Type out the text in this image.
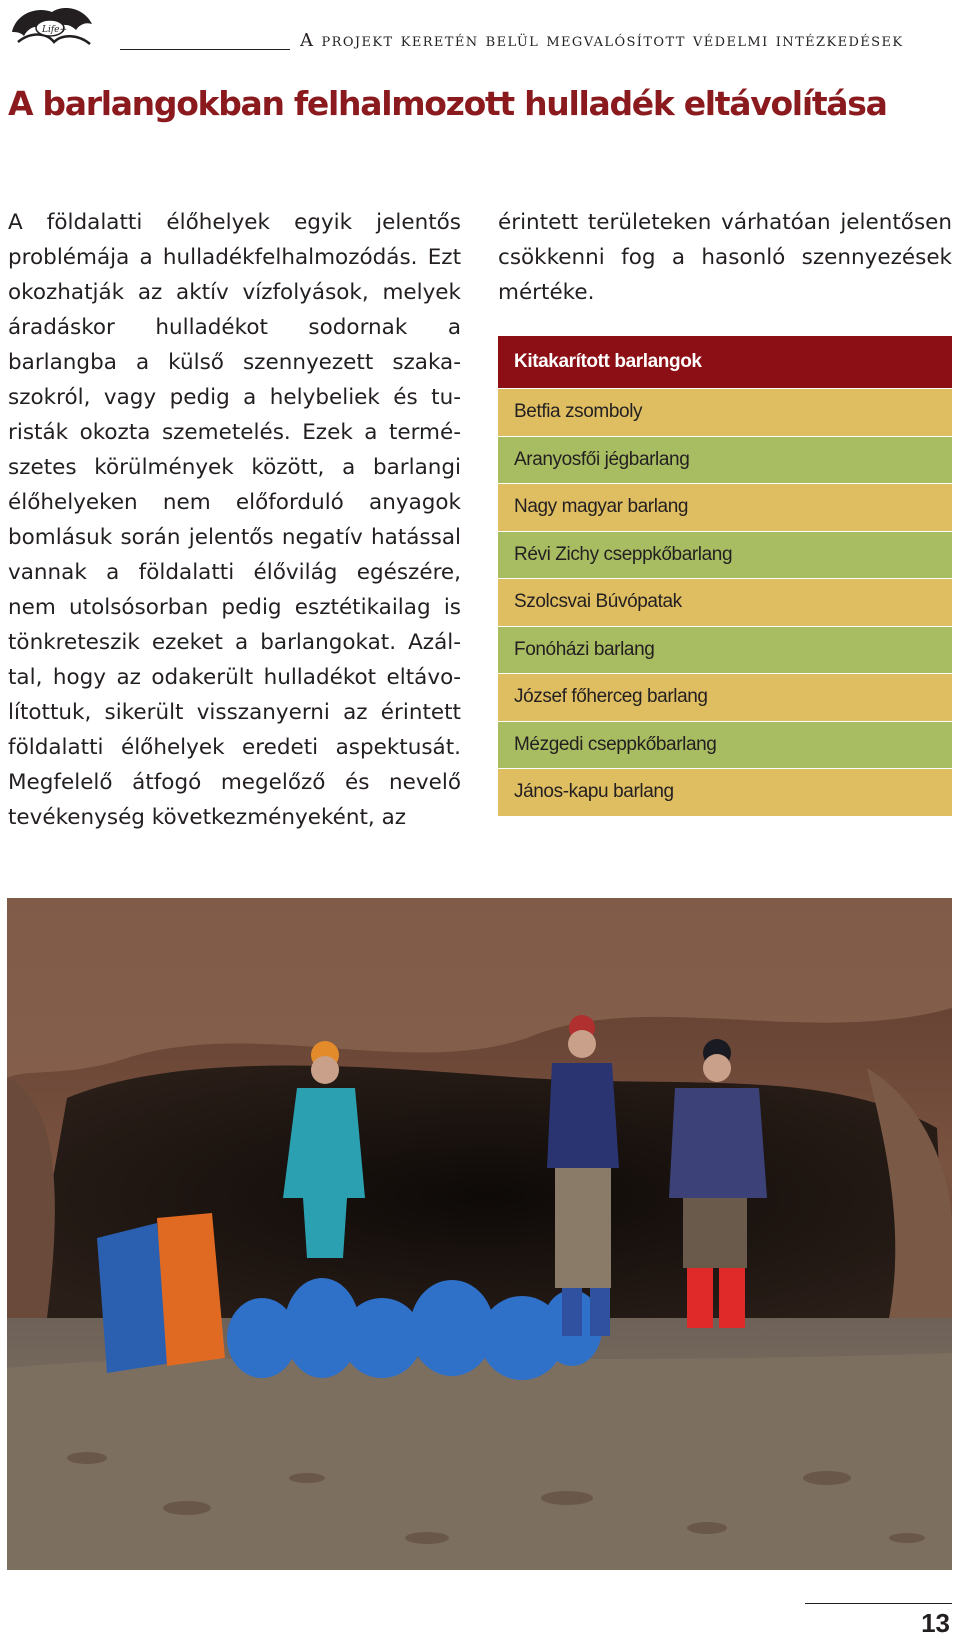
Life+	A projekt keretén belül megvalósított védelmi intézkedések
A barlangokban felhalmozott hulladék eltávolítása

A földalatti élőhelyek egyik jelentős problémája a hulladékfelhalmozódás. Ezt okozhatják az aktív vízfolyások, melyek áradáskor hulladékot sodornak a barlangba a külső szennyezett szakaszokról, vagy pedig a helybeliek és turisták okozta szemetelés. Ezek a természetes körülmények között, a barlangi élőhelyeken nem előforduló anyagok bomlásuk során jelentős negatív hatással vannak a földalatti élővilág egészére, nem utolsósorban pedig esztétikailag is tönkreteszik ezeket a barlangokat. Azáltal, hogy az odakerült hulladékot eltávolítottuk, sikerült visszanyerni az érintett földalatti élőhelyek eredeti aspektusát. Megfelelő átfogó megelőző és nevelő tevékenység következményeként, az

érintett területeken várhatóan jelentősen csökkenni fog a hasonló szennyezések mértéke.

Kitakarított barlangok
Betfia zsomboly
Aranyosfői jégbarlang
Nagy magyar barlang
Révi Zichy cseppkőbarlang
Szolcsvai Búvópatak
Fonóházi barlang
József főherceg barlang
Mézgedi cseppkőbarlang
János-kapu barlang
13
